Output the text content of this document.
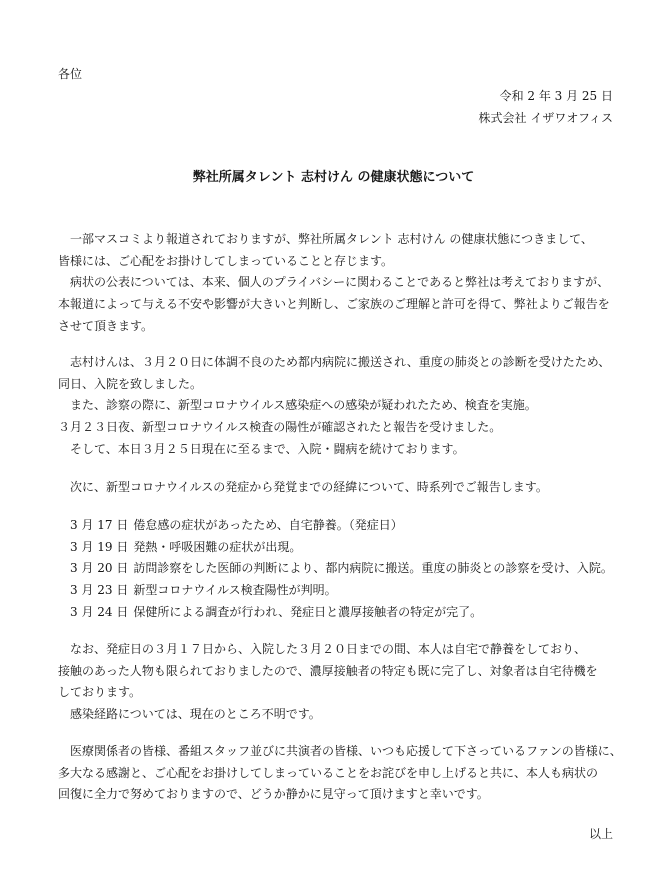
各位
令和 2 年 3 月 25 日
株式会社 イザワオフィス
弊社所属タレント 志村けん の健康状態について
一部マスコミより報道されておりますが、弊社所属タレント 志村けん の健康状態につきまして、
皆様には、ご心配をお掛けしてしまっていることと存じます。
病状の公表については、本来、個人のプライバシーに関わることであると弊社は考えておりますが、
本報道によって与える不安や影響が大きいと判断し、ご家族のご理解と許可を得て、弊社よりご報告を
させて頂きます。
志村けんは、３月２０日に体調不良のため都内病院に搬送され、重度の肺炎との診断を受けたため、
同日、入院を致しました。
また、診察の際に、新型コロナウイルス感染症への感染が疑われたため、検査を実施。
３月２３日夜、新型コロナウイルス検査の陽性が確認されたと報告を受けました。
そして、本日３月２５日現在に至るまで、入院・闘病を続けております。
次に、新型コロナウイルスの発症から発覚までの経緯について、時系列でご報告します。
3 月 17 日 倦怠感の症状があったため、自宅静養。（発症日）
3 月 19 日 発熱・呼吸困難の症状が出現。
3 月 20 日 訪問診察をした医師の判断により、都内病院に搬送。重度の肺炎との診察を受け、入院。
3 月 23 日 新型コロナウイルス検査陽性が判明。
3 月 24 日 保健所による調査が行われ、発症日と濃厚接触者の特定が完了。
なお、発症日の３月１７日から、入院した３月２０日までの間、本人は自宅で静養をしており、
接触のあった人物も限られておりましたので、濃厚接触者の特定も既に完了し、対象者は自宅待機を
しております。
感染経路については、現在のところ不明です。
医療関係者の皆様、番組スタッフ並びに共演者の皆様、いつも応援して下さっているファンの皆様に、
多大なる感謝と、ご心配をお掛けしてしまっていることをお詫びを申し上げると共に、本人も病状の
回復に全力で努めておりますので、どうか静かに見守って頂けますと幸いです。
以上
